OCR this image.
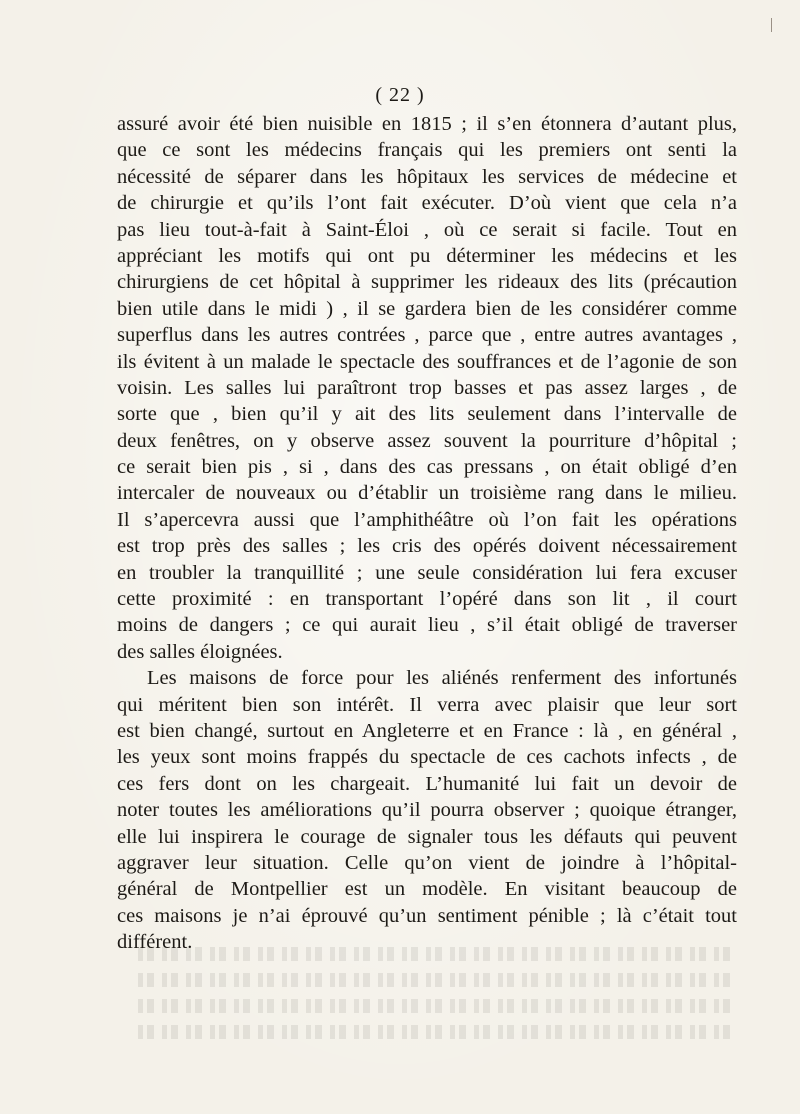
( 22 )
assuré avoir été bien nuisible en 1815 ; il s’en étonnera d’autant plus,
que ce sont les médecins français qui les premiers ont senti la
nécessité de séparer dans les hôpitaux les services de médecine et
de chirurgie et qu’ils l’ont fait exécuter. D’où vient que cela n’a
pas lieu tout-à-fait à Saint-Éloi , où ce serait si facile. Tout en
appréciant les motifs qui ont pu déterminer les médecins et les
chirurgiens de cet hôpital à supprimer les rideaux des lits (précaution
bien utile dans le midi ) , il se gardera bien de les considérer comme
superflus dans les autres contrées , parce que , entre autres avantages ,
ils évitent à un malade le spectacle des souffrances et de l’agonie de son
voisin. Les salles lui paraîtront trop basses et pas assez larges , de
sorte que , bien qu’il y ait des lits seulement dans l’intervalle de
deux fenêtres, on y observe assez souvent la pourriture d’hôpital ;
ce serait bien pis , si , dans des cas pressans , on était obligé d’en
intercaler de nouveaux ou d’établir un troisième rang dans le milieu.
Il s’apercevra aussi que l’amphithéâtre où l’on fait les opérations
est trop près des salles ; les cris des opérés doivent nécessairement
en troubler la tranquillité ; une seule considération lui fera excuser
cette proximité : en transportant l’opéré dans son lit , il court
moins de dangers ; ce qui aurait lieu , s’il était obligé de traverser
des salles éloignées.
Les maisons de force pour les aliénés renferment des infortunés
qui méritent bien son intérêt. Il verra avec plaisir que leur sort
est bien changé, surtout en Angleterre et en France : là , en général ,
les yeux sont moins frappés du spectacle de ces cachots infects , de
ces fers dont on les chargeait. L’humanité lui fait un devoir de
noter toutes les améliorations qu’il pourra observer ; quoique étranger,
elle lui inspirera le courage de signaler tous les défauts qui peuvent
aggraver leur situation. Celle qu’on vient de joindre à l’hôpital-
général de Montpellier est un modèle. En visitant beaucoup de
ces maisons je n’ai éprouvé qu’un sentiment pénible ; là c’était tout
différent.
